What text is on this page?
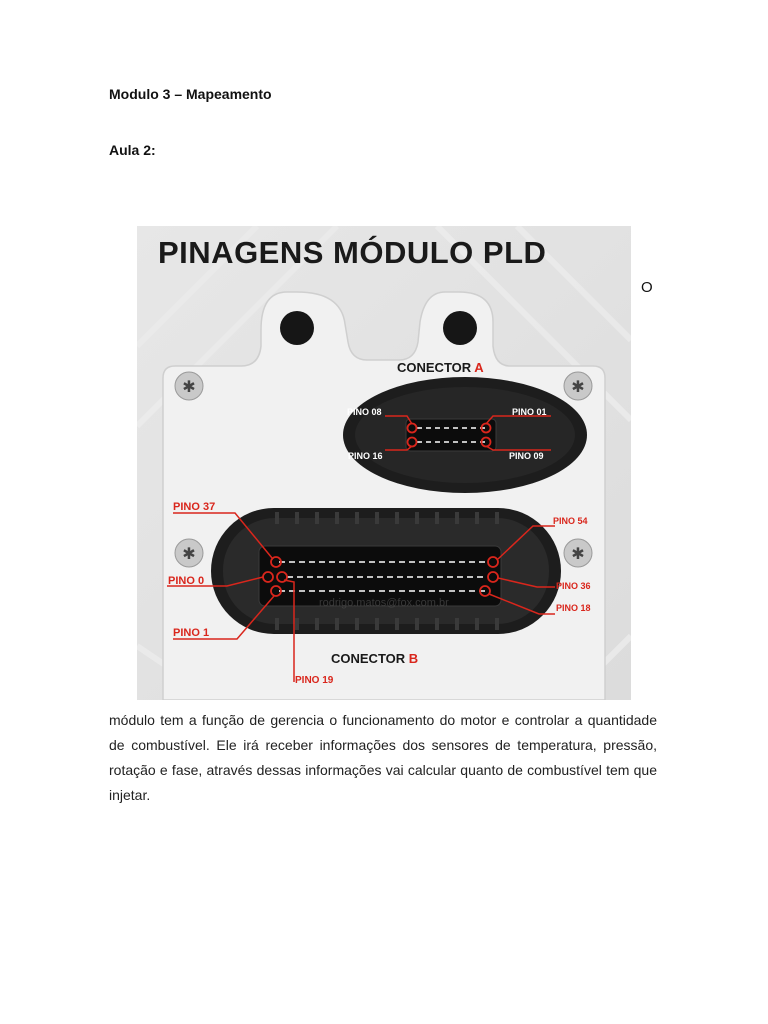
Modulo 3 – Mapeamento
Aula 2:
O
PINAGENS MÓDULO PLD
✱	✱
✱	✱
CONECTOR A
PINO 08	PINO 01
PINO 16	PINO 09
rodrigo.matos@fox.com.br
PINO 37
PINO 54
PINO 0	PINO 36
PINO 18
PINO 1
PINO 19
CONECTOR B

módulo tem a função de gerencia o funcionamento do motor e controlar a quantidade de combustível. Ele irá receber informações dos sensores de temperatura, pressão, rotação e fase, através dessas informações vai calcular quanto de combustível tem que injetar.
